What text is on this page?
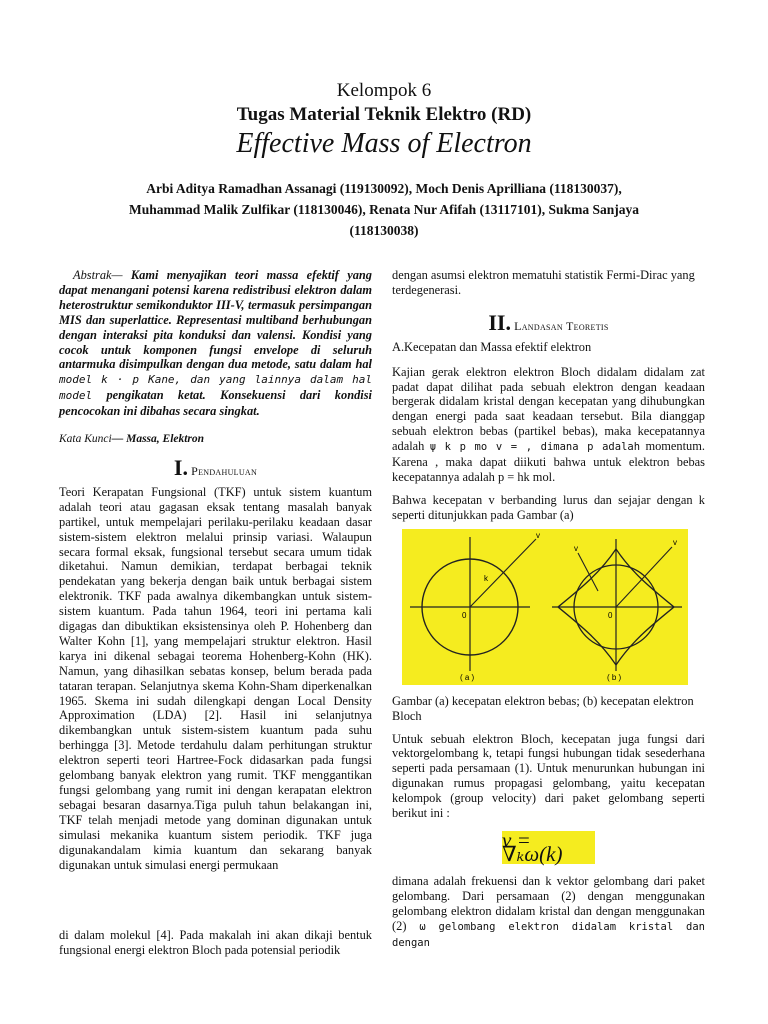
Kelompok 6
Tugas Material Teknik Elektro (RD)
Effective Mass of Electron
Arbi Aditya Ramadhan Assanagi (119130092), Moch Denis Aprilliana (118130037), Muhammad Malik Zulfikar (118130046), Renata Nur Afifah (13117101), Sukma Sanjaya (118130038)

Abstrak— Kami menyajikan teori massa efektif yang dapat menangani potensi karena redistribusi elektron dalam heterostruktur semikonduktor III-V, termasuk persimpangan MIS dan superlattice. Representasi multiband berhubungan dengan interaksi pita konduksi dan valensi. Kondisi yang cocok untuk komponen fungsi envelope di seluruh antarmuka disimpulkan dengan dua metode, satu dalam hal model k · p Kane, dan yang lainnya dalam hal model pengikatan ketat. Konsekuensi dari kondisi pencocokan ini dibahas secara singkat.

Kata Kunci— Massa, Elektron

I. Pendahuluan

Teori Kerapatan Fungsional (TKF) untuk sistem kuantum adalah teori atau gagasan eksak tentang masalah banyak partikel, untuk mempelajari perilaku-perilaku keadaan dasar sistem-sistem elektron melalui prinsip variasi. Walaupun secara formal eksak, fungsional tersebut secara umum tidak diketahui. Namun demikian, terdapat berbagai teknik pendekatan yang bekerja dengan baik untuk berbagai sistem elektronik. TKF pada awalnya dikembangkan untuk sistem-sistem kuantum. Pada tahun 1964, teori ini pertama kali digagas dan dibuktikan eksistensinya oleh P. Hohenberg dan Walter Kohn [1], yang mempelajari struktur elektron. Hasil karya ini dikenal sebagai teorema Hohenberg-Kohn (HK). Namun, yang dihasilkan sebatas konsep, belum berada pada tataran terapan. Selanjutnya skema Kohn-Sham diperkenalkan 1965. Skema ini sudah dilengkapi dengan Local Density Approximation (LDA) [2]. Hasil ini selanjutnya dikembangkan untuk sistem-sistem kuantum pada suhu berhingga [3]. Metode terdahulu dalam perhitungan struktur elektron seperti teori Hartree-Fock didasarkan pada fungsi gelombang banyak elektron yang rumit. TKF menggantikan fungsi gelombang yang rumit ini dengan kerapatan elektron sebagai besaran dasarnya.Tiga puluh tahun belakangan ini, TKF telah menjadi metode yang dominan digunakan untuk simulasi mekanika kuantum sistem periodik. TKF juga digunakandalam kimia kuantum dan sekarang banyak digunakan untuk simulasi energi permukaan

di dalam molekul [4]. Pada makalah ini akan dikaji bentuk fungsional energi elektron Bloch pada potensial periodik

dengan asumsi elektron mematuhi statistik Fermi-Dirac yang terdegenerasi.

II. Landasan Teoretis

A.Kecepatan dan Massa efektif elektron

Kajian gerak elektron elektron Bloch didalam didalam zat padat dapat dilihat pada sebuah elektron dengan keadaan bergerak didalam kristal dengan kecepatan yang dihubungkan dengan energi pada saat keadaan tersebut. Bila dianggap sebuah elektron bebas (partikel bebas), maka kecepatannya adalah ψ k p mo v = , dimana p adalah momentum. Karena , maka dapat diikuti bahwa untuk elektron bebas kecepatannya adalah p = hk mol.

Bahwa kecepatan v berbanding lurus dan sejajar dengan k seperti ditunjukkan pada Gambar (a)

v
k
0
( a )
v
v
0
( b )

Gambar (a) kecepatan elektron bebas; (b) kecepatan elektron Bloch

Untuk sebuah elektron Bloch, kecepatan juga fungsi dari vektorgelombang k, tetapi fungsi hubungan tidak sesederhana seperti pada persamaan (1). Untuk menurunkan hubungan ini digunakan rumus propagasi gelombang, yaitu kecepatan kelompok (group velocity) dari paket gelombang seperti berikut ini :

v = ∇ₖω(k)

dimana adalah frekuensi dan k vektor gelombang dari paket gelombang. Dari persamaan (2) dengan menggunakan gelombang elektron didalam kristal dan dengan menggunakan (2) ω gelombang elektron didalam kristal dan dengan
